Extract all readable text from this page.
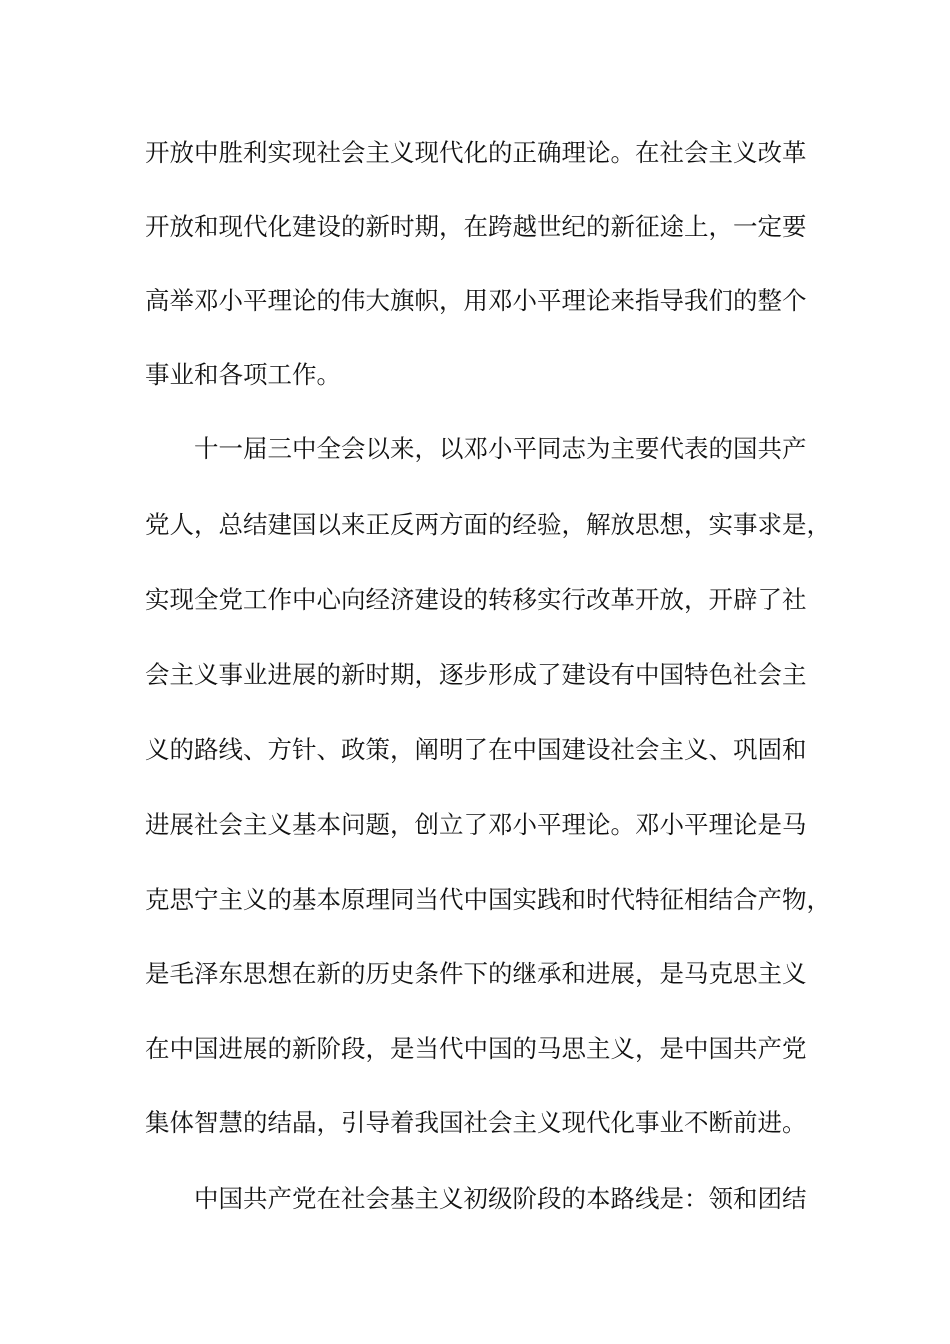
开放中胜利实现社会主义现代化的正确理论。在社会主义改革
开放和现代化建设的新时期，在跨越世纪的新征途上，一定要
高举邓小平理论的伟大旗帜，用邓小平理论来指导我们的整个
事业和各项工作。
十一届三中全会以来，以邓小平同志为主要代表的国共产
党人，总结建国以来正反两方面的经验，解放思想，实事求是，
实现全党工作中心向经济建设的转移实行改革开放，开辟了社
会主义事业进展的新时期，逐步形成了建设有中国特色社会主
义的路线、方针、政策，阐明了在中国建设社会主义、巩固和
进展社会主义基本问题，创立了邓小平理论。邓小平理论是马
克思宁主义的基本原理同当代中国实践和时代特征相结合产物，
是毛泽东思想在新的历史条件下的继承和进展，是马克思主义
在中国进展的新阶段，是当代中国的马思主义，是中国共产党
集体智慧的结晶，引导着我国社会主义现代化事业不断前进。
中国共产党在社会基主义初级阶段的本路线是：领和团结
